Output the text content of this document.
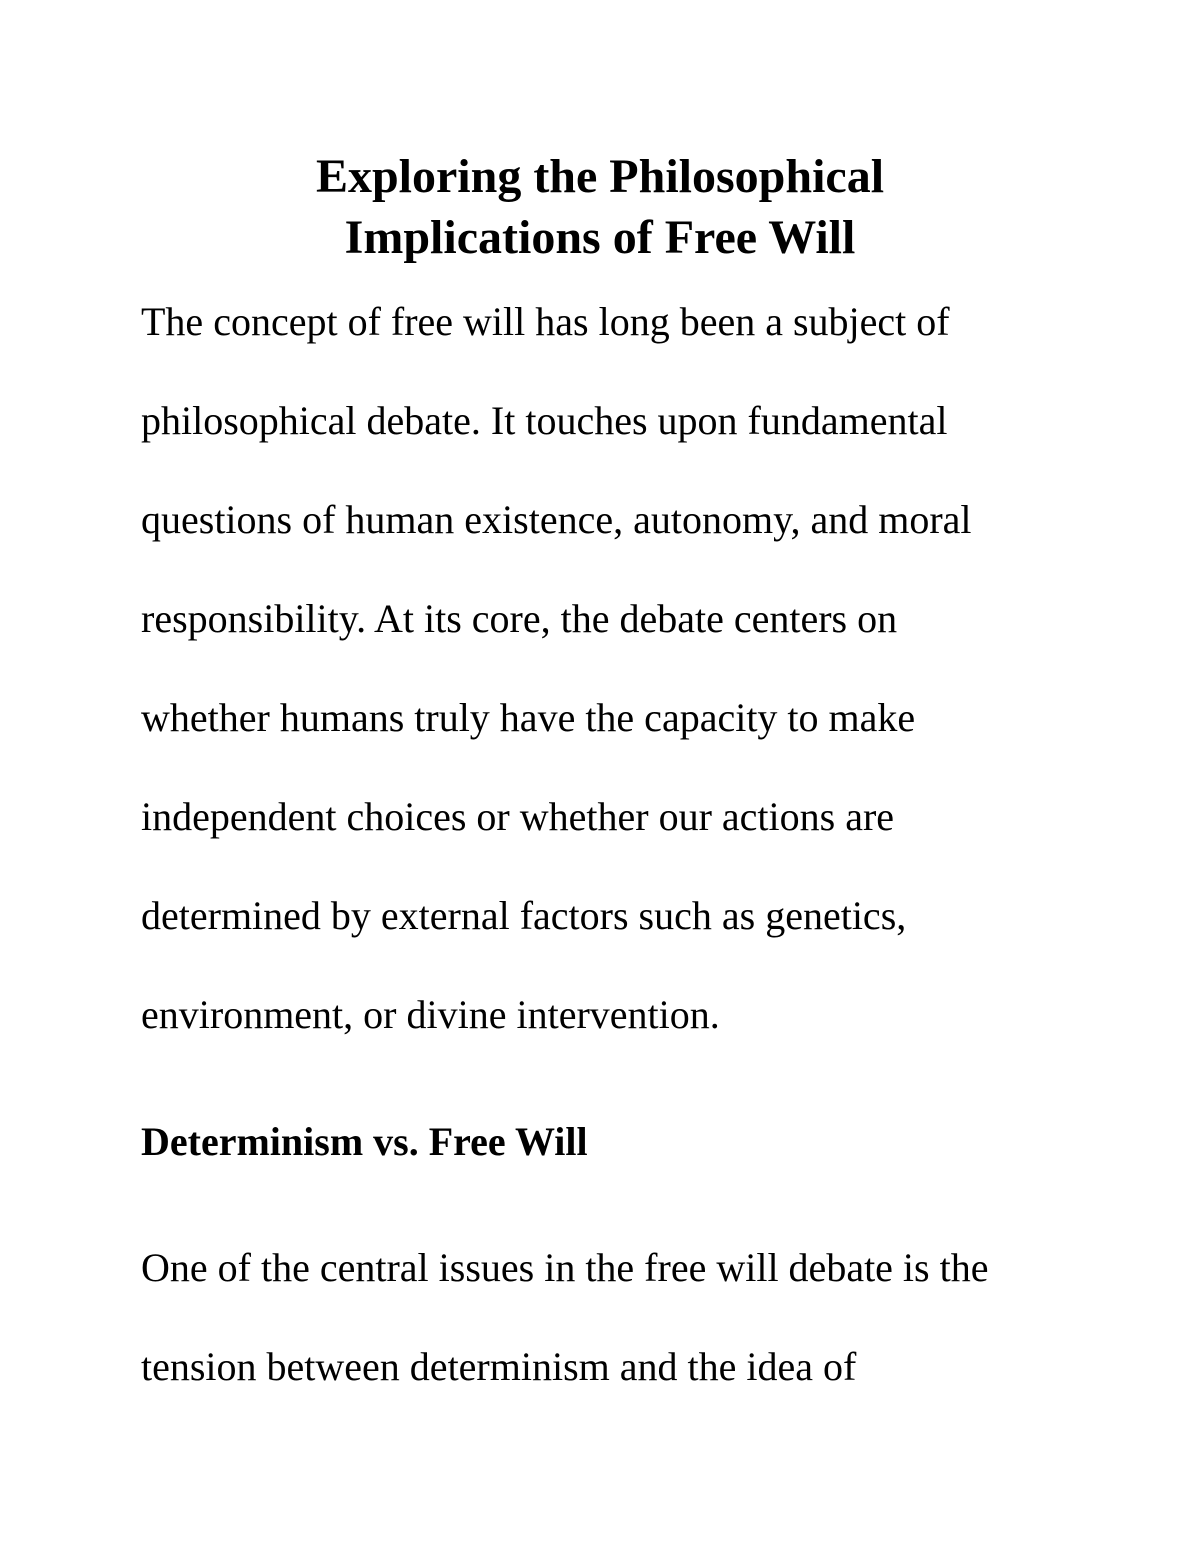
Exploring the Philosophical
Implications of Free Will

The concept of free will has long been a subject of

philosophical debate. It touches upon fundamental

questions of human existence, autonomy, and moral

responsibility. At its core, the debate centers on

whether humans truly have the capacity to make

independent choices or whether our actions are

determined by external factors such as genetics,

environment, or divine intervention.

Determinism vs. Free Will

One of the central issues in the free will debate is the

tension between determinism and the idea of
